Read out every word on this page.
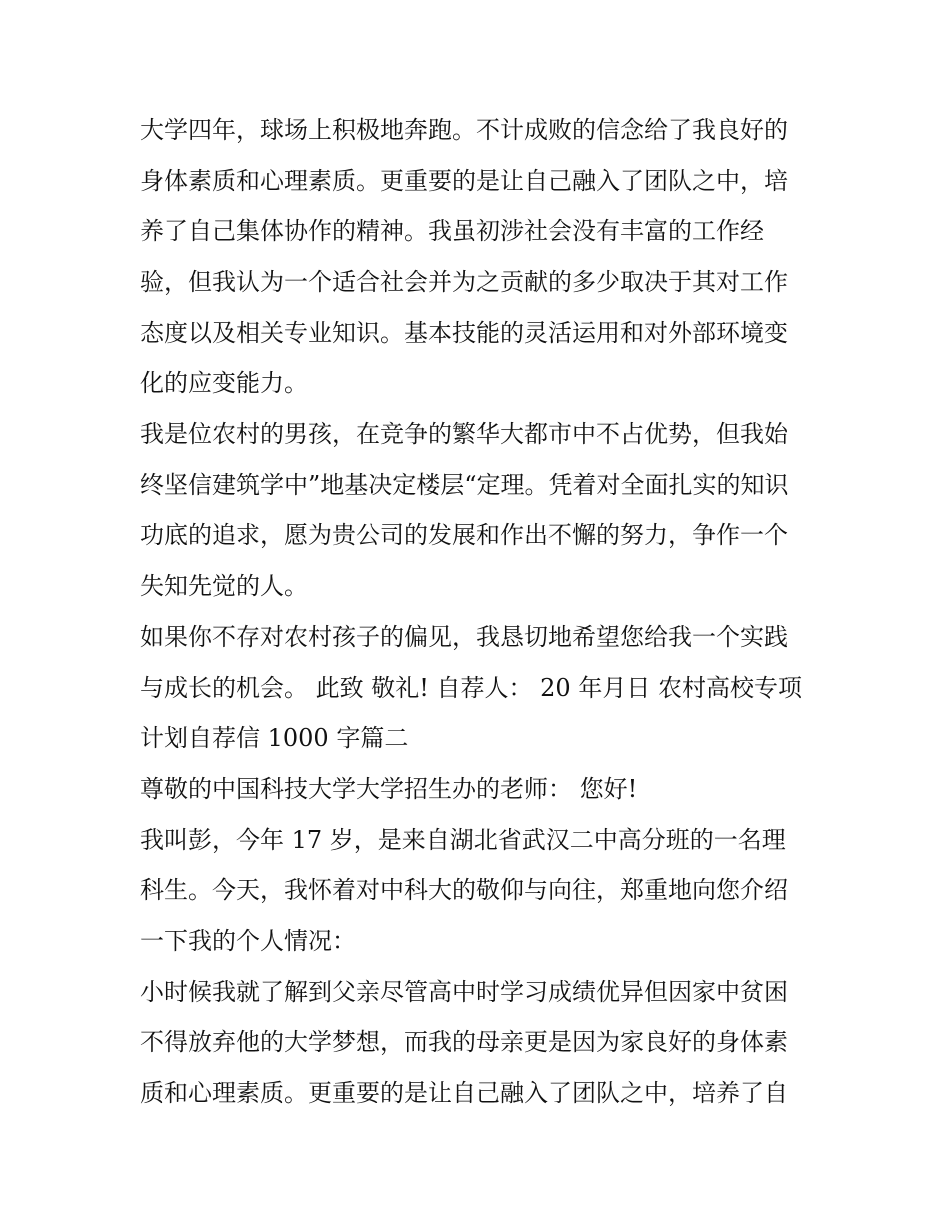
大学四年，球场上积极地奔跑。不计成败的信念给了我良好的

身体素质和心理素质。更重要的是让自己融入了团队之中，培

养了自己集体协作的精神。我虽初涉社会没有丰富的工作经

验，但我认为一个适合社会并为之贡献的多少取决于其对工作

态度以及相关专业知识。基本技能的灵活运用和对外部环境变

化的应变能力。

我是位农村的男孩，在竞争的繁华大都市中不占优势，但我始

终坚信建筑学中”地基决定楼层“定理。凭着对全面扎实的知识

功底的追求，愿为贵公司的发展和作出不懈的努力，争作一个

失知先觉的人。

如果你不存对农村孩子的偏见，我恳切地希望您给我一个实践

与成长的机会。 此致 敬礼! 自荐人： 20 年月日 农村高校专项

计划自荐信 1000 字篇二

尊敬的中国科技大学大学招生办的老师： 您好!

我叫彭，今年 17 岁，是来自湖北省武汉二中高分班的一名理

科生。今天，我怀着对中科大的敬仰与向往，郑重地向您介绍

一下我的个人情况：

小时候我就了解到父亲尽管高中时学习成绩优异但因家中贫困

不得放弃他的大学梦想，而我的母亲更是因为家良好的身体素

质和心理素质。更重要的是让自己融入了团队之中，培养了自
